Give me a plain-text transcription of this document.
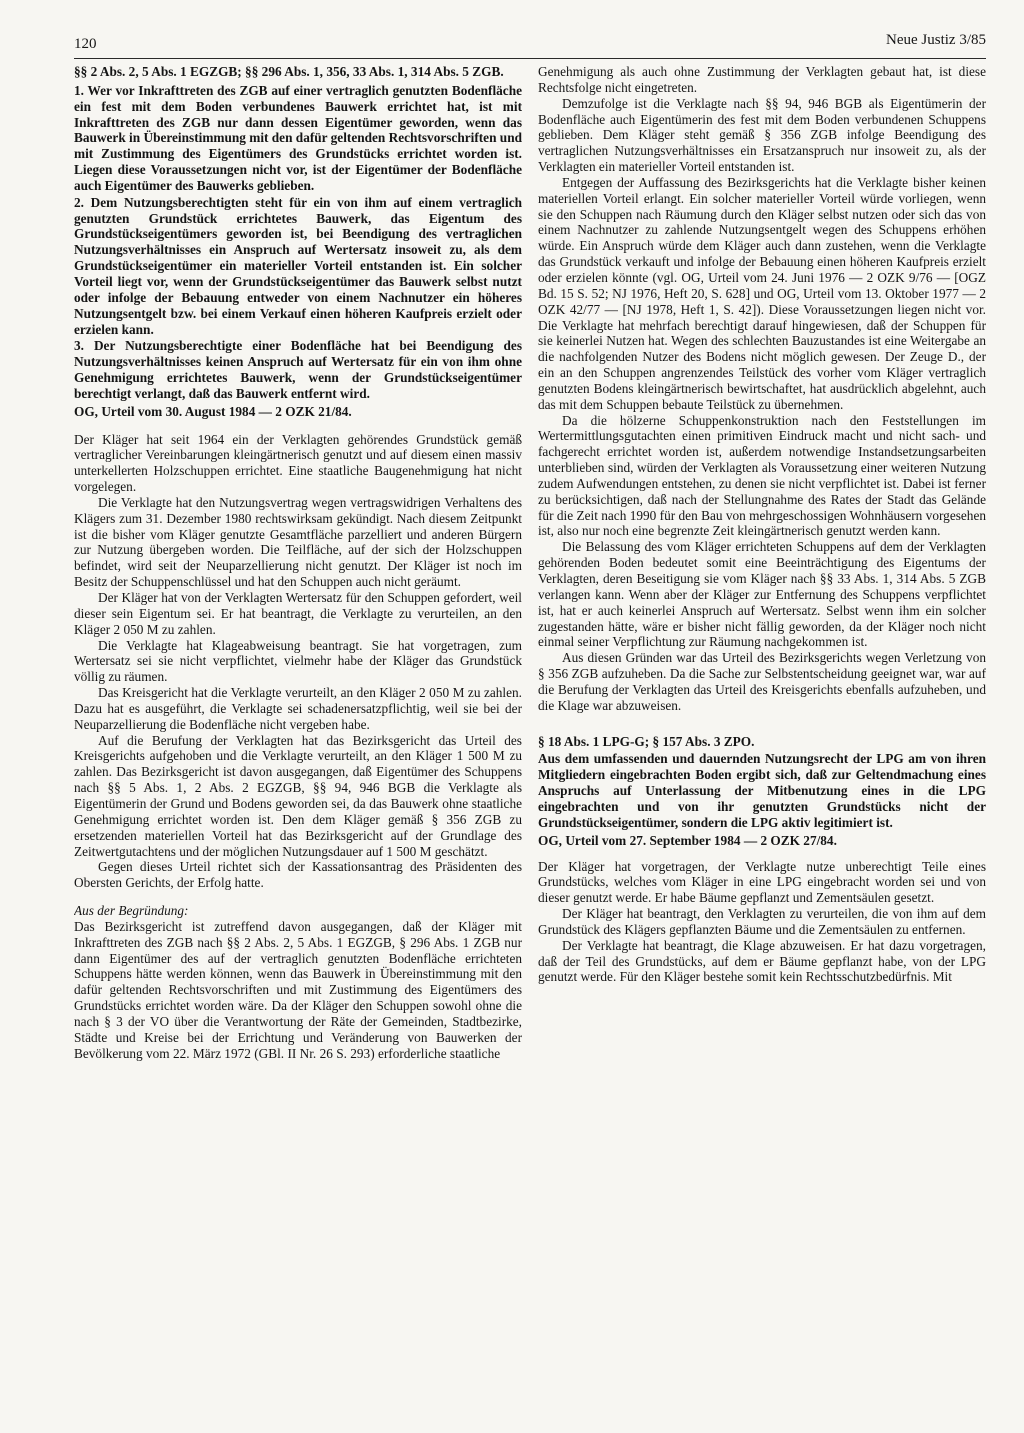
120	Neue Justiz 3/85

§§ 2 Abs. 2, 5 Abs. 1 EGZGB; §§ 296 Abs. 1, 356, 33 Abs. 1, 314 Abs. 5 ZGB.

1. Wer vor Inkrafttreten des ZGB auf einer vertraglich genutzten Bodenfläche ein fest mit dem Boden verbundenes Bauwerk errichtet hat, ist mit Inkrafttreten des ZGB nur dann dessen Eigentümer geworden, wenn das Bauwerk in Übereinstimmung mit den dafür geltenden Rechtsvorschriften und mit Zustimmung des Eigentümers des Grundstücks errichtet worden ist. Liegen diese Voraussetzungen nicht vor, ist der Eigentümer der Bodenfläche auch Eigentümer des Bauwerks geblieben.

2. Dem Nutzungsberechtigten steht für ein von ihm auf einem vertraglich genutzten Grundstück errichtetes Bauwerk, das Eigentum des Grundstückseigentümers geworden ist, bei Beendigung des vertraglichen Nutzungsverhältnisses ein Anspruch auf Wertersatz insoweit zu, als dem Grundstückseigentümer ein materieller Vorteil entstanden ist. Ein solcher Vorteil liegt vor, wenn der Grundstückseigentümer das Bauwerk selbst nutzt oder infolge der Bebauung entweder von einem Nachnutzer ein höheres Nutzungsentgelt bzw. bei einem Verkauf einen höheren Kaufpreis erzielt oder erzielen kann.

3. Der Nutzungsberechtigte einer Bodenfläche hat bei Beendigung des Nutzungsverhältnisses keinen Anspruch auf Wertersatz für ein von ihm ohne Genehmigung errichtetes Bauwerk, wenn der Grundstückseigentümer berechtigt verlangt, daß das Bauwerk entfernt wird.

OG, Urteil vom 30. August 1984 — 2 OZK 21/84.

Der Kläger hat seit 1964 ein der Verklagten gehörendes Grundstück gemäß vertraglicher Vereinbarungen kleingärtnerisch genutzt und auf diesem einen massiv unterkellerten Holzschuppen errichtet. Eine staatliche Baugenehmigung hat nicht vorgelegen.

Die Verklagte hat den Nutzungsvertrag wegen vertragswidrigen Verhaltens des Klägers zum 31. Dezember 1980 rechtswirksam gekündigt. Nach diesem Zeitpunkt ist die bisher vom Kläger genutzte Gesamtfläche parzelliert und anderen Bürgern zur Nutzung übergeben worden. Die Teilfläche, auf der sich der Holzschuppen befindet, wird seit der Neuparzellierung nicht genutzt. Der Kläger ist noch im Besitz der Schuppenschlüssel und hat den Schuppen auch nicht geräumt.

Der Kläger hat von der Verklagten Wertersatz für den Schuppen gefordert, weil dieser sein Eigentum sei. Er hat beantragt, die Verklagte zu verurteilen, an den Kläger 2 050 M zu zahlen.

Die Verklagte hat Klageabweisung beantragt. Sie hat vorgetragen, zum Wertersatz sei sie nicht verpflichtet, vielmehr habe der Kläger das Grundstück völlig zu räumen.

Das Kreisgericht hat die Verklagte verurteilt, an den Kläger 2 050 M zu zahlen. Dazu hat es ausgeführt, die Verklagte sei schadenersatzpflichtig, weil sie bei der Neuparzellierung die Bodenfläche nicht vergeben habe.

Auf die Berufung der Verklagten hat das Bezirksgericht das Urteil des Kreisgerichts aufgehoben und die Verklagte verurteilt, an den Kläger 1 500 M zu zahlen. Das Bezirksgericht ist davon ausgegangen, daß Eigentümer des Schuppens nach §§ 5 Abs. 1, 2 Abs. 2 EGZGB, §§ 94, 946 BGB die Verklagte als Eigentümerin der Grund und Bodens geworden sei, da das Bauwerk ohne staatliche Genehmigung errichtet worden ist. Den dem Kläger gemäß § 356 ZGB zu ersetzenden materiellen Vorteil hat das Bezirksgericht auf der Grundlage des Zeitwertgutachtens und der möglichen Nutzungsdauer auf 1 500 M geschätzt.

Gegen dieses Urteil richtet sich der Kassationsantrag des Präsidenten des Obersten Gerichts, der Erfolg hatte.

Aus der Begründung:

Das Bezirksgericht ist zutreffend davon ausgegangen, daß der Kläger mit Inkrafttreten des ZGB nach §§ 2 Abs. 2, 5 Abs. 1 EGZGB, § 296 Abs. 1 ZGB nur dann Eigentümer des auf der vertraglich genutzten Bodenfläche errichteten Schuppens hätte werden können, wenn das Bauwerk in Übereinstimmung mit den dafür geltenden Rechtsvorschriften und mit Zustimmung des Eigentümers des Grundstücks errichtet worden wäre. Da der Kläger den Schuppen sowohl ohne die nach § 3 der VO über die Verantwortung der Räte der Gemeinden, Stadtbezirke, Städte und Kreise bei der Errichtung und Veränderung von Bauwerken der Bevölkerung vom 22. März 1972 (GBl. II Nr. 26 S. 293) erforderliche staatliche

Genehmigung als auch ohne Zustimmung der Verklagten gebaut hat, ist diese Rechtsfolge nicht eingetreten.

Demzufolge ist die Verklagte nach §§ 94, 946 BGB als Eigentümerin der Bodenfläche auch Eigentümerin des fest mit dem Boden verbundenen Schuppens geblieben. Dem Kläger steht gemäß § 356 ZGB infolge Beendigung des vertraglichen Nutzungsverhältnisses ein Ersatzanspruch nur insoweit zu, als der Verklagten ein materieller Vorteil entstanden ist.

Entgegen der Auffassung des Bezirksgerichts hat die Verklagte bisher keinen materiellen Vorteil erlangt. Ein solcher materieller Vorteil würde vorliegen, wenn sie den Schuppen nach Räumung durch den Kläger selbst nutzen oder sich das von einem Nachnutzer zu zahlende Nutzungsentgelt wegen des Schuppens erhöhen würde. Ein Anspruch würde dem Kläger auch dann zustehen, wenn die Verklagte das Grundstück verkauft und infolge der Bebauung einen höheren Kaufpreis erzielt oder erzielen könnte (vgl. OG, Urteil vom 24. Juni 1976 — 2 OZK 9/76 — [OGZ Bd. 15 S. 52; NJ 1976, Heft 20, S. 628] und OG, Urteil vom 13. Oktober 1977 — 2 OZK 42/77 — [NJ 1978, Heft 1, S. 42]). Diese Voraussetzungen liegen nicht vor. Die Verklagte hat mehrfach berechtigt darauf hingewiesen, daß der Schuppen für sie keinerlei Nutzen hat. Wegen des schlechten Bauzustandes ist eine Weitergabe an die nachfolgenden Nutzer des Bodens nicht möglich gewesen. Der Zeuge D., der ein an den Schuppen angrenzendes Teilstück des vorher vom Kläger vertraglich genutzten Bodens kleingärtnerisch bewirtschaftet, hat ausdrücklich abgelehnt, auch das mit dem Schuppen bebaute Teilstück zu übernehmen.

Da die hölzerne Schuppenkonstruktion nach den Feststellungen im Wertermittlungsgutachten einen primitiven Eindruck macht und nicht sach- und fachgerecht errichtet worden ist, außerdem notwendige Instandsetzungsarbeiten unterblieben sind, würden der Verklagten als Voraussetzung einer weiteren Nutzung zudem Aufwendungen entstehen, zu denen sie nicht verpflichtet ist. Dabei ist ferner zu berücksichtigen, daß nach der Stellungnahme des Rates der Stadt das Gelände für die Zeit nach 1990 für den Bau von mehrgeschossigen Wohnhäusern vorgesehen ist, also nur noch eine begrenzte Zeit kleingärtnerisch genutzt werden kann.

Die Belassung des vom Kläger errichteten Schuppens auf dem der Verklagten gehörenden Boden bedeutet somit eine Beeinträchtigung des Eigentums der Verklagten, deren Beseitigung sie vom Kläger nach §§ 33 Abs. 1, 314 Abs. 5 ZGB verlangen kann. Wenn aber der Kläger zur Entfernung des Schuppens verpflichtet ist, hat er auch keinerlei Anspruch auf Wertersatz. Selbst wenn ihm ein solcher zugestanden hätte, wäre er bisher nicht fällig geworden, da der Kläger noch nicht einmal seiner Verpflichtung zur Räumung nachgekommen ist.

Aus diesen Gründen war das Urteil des Bezirksgerichts wegen Verletzung von § 356 ZGB aufzuheben. Da die Sache zur Selbstentscheidung geeignet war, war auf die Berufung der Verklagten das Urteil des Kreisgerichts ebenfalls aufzuheben, und die Klage war abzuweisen.

§ 18 Abs. 1 LPG-G; § 157 Abs. 3 ZPO.

Aus dem umfassenden und dauernden Nutzungsrecht der LPG am von ihren Mitgliedern eingebrachten Boden ergibt sich, daß zur Geltendmachung eines Anspruchs auf Unterlassung der Mitbenutzung eines in die LPG eingebrachten und von ihr genutzten Grundstücks nicht der Grundstückseigentümer, sondern die LPG aktiv legitimiert ist.

OG, Urteil vom 27. September 1984 — 2 OZK 27/84.

Der Kläger hat vorgetragen, der Verklagte nutze unberechtigt Teile eines Grundstücks, welches vom Kläger in eine LPG eingebracht worden sei und von dieser genutzt werde. Er habe Bäume gepflanzt und Zementsäulen gesetzt.

Der Kläger hat beantragt, den Verklagten zu verurteilen, die von ihm auf dem Grundstück des Klägers gepflanzten Bäume und die Zementsäulen zu entfernen.

Der Verklagte hat beantragt, die Klage abzuweisen. Er hat dazu vorgetragen, daß der Teil des Grundstücks, auf dem er Bäume gepflanzt habe, von der LPG genutzt werde. Für den Kläger bestehe somit kein Rechtsschutzbedürfnis. Mit
